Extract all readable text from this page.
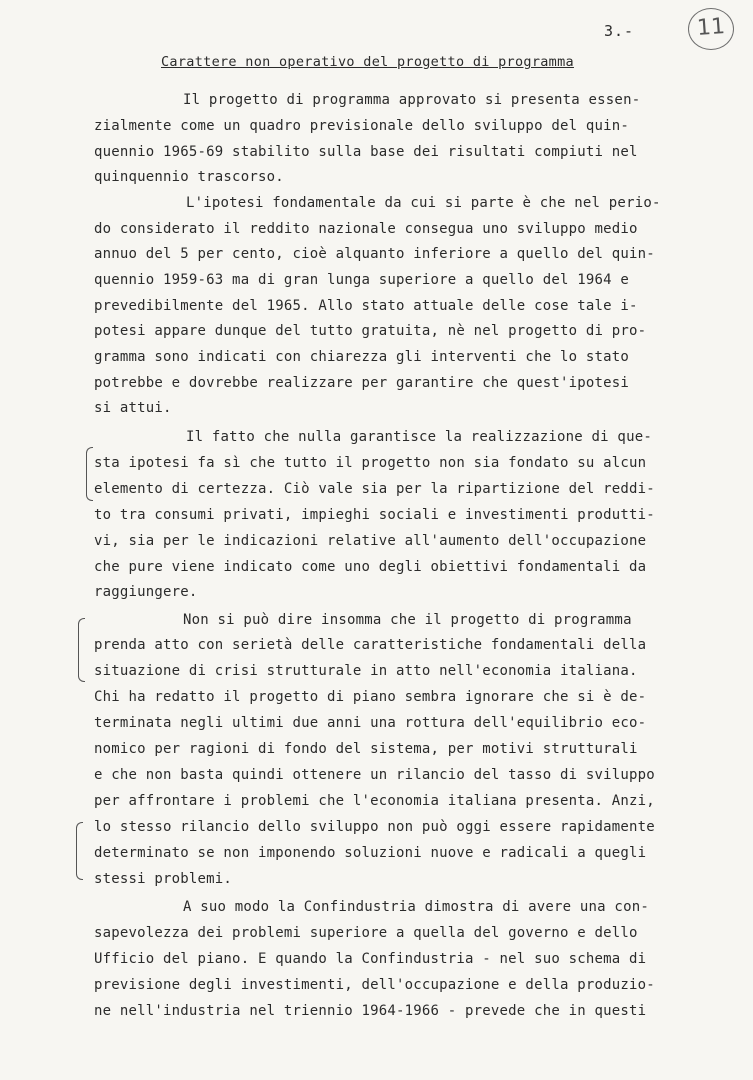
3.-	11
Carattere non operativo del progetto di programma
Il progetto di programma approvato si presenta essen-
zialmente come un quadro previsionale dello sviluppo del quin-
quennio 1965-69 stabilito sulla base dei risultati compiuti nel
quinquennio trascorso.
L'ipotesi fondamentale da cui si parte è che nel perio-
do considerato il reddito nazionale consegua uno sviluppo medio
annuo del 5 per cento, cioè alquanto inferiore a quello del quin-
quennio 1959-63 ma di gran lunga superiore a quello del 1964 e
prevedibilmente del 1965. Allo stato attuale delle cose tale i-
potesi appare dunque del tutto gratuita, nè nel progetto di pro-
gramma sono indicati con chiarezza gli interventi che lo stato
potrebbe e dovrebbe realizzare per garantire che quest'ipotesi
si attui.
Il fatto che nulla garantisce la realizzazione di que-
sta ipotesi fa sì che tutto il progetto non sia fondato su alcun
elemento di certezza. Ciò vale sia per la ripartizione del reddi-
to tra consumi privati, impieghi sociali e investimenti produtti-
vi, sia per le indicazioni relative all'aumento dell'occupazione
che pure viene indicato come uno degli obiettivi fondamentali da
raggiungere.
Non si può dire insomma che il progetto di programma
prenda atto con serietà delle caratteristiche fondamentali della
situazione di crisi strutturale in atto nell'economia italiana.
Chi ha redatto il progetto di piano sembra ignorare che si è de-
terminata negli ultimi due anni una rottura dell'equilibrio eco-
nomico per ragioni di fondo del sistema, per motivi strutturali
e che non basta quindi ottenere un rilancio del tasso di sviluppo
per affrontare i problemi che l'economia italiana presenta. Anzi,
lo stesso rilancio dello sviluppo non può oggi essere rapidamente
determinato se non imponendo soluzioni nuove e radicali a quegli
stessi problemi.
A suo modo la Confindustria dimostra di avere una con-
sapevolezza dei problemi superiore a quella del governo e dello
Ufficio del piano. E quando la Confindustria - nel suo schema di
previsione degli investimenti, dell'occupazione e della produzio-
ne nell'industria nel triennio 1964-1966 - prevede che in questi
